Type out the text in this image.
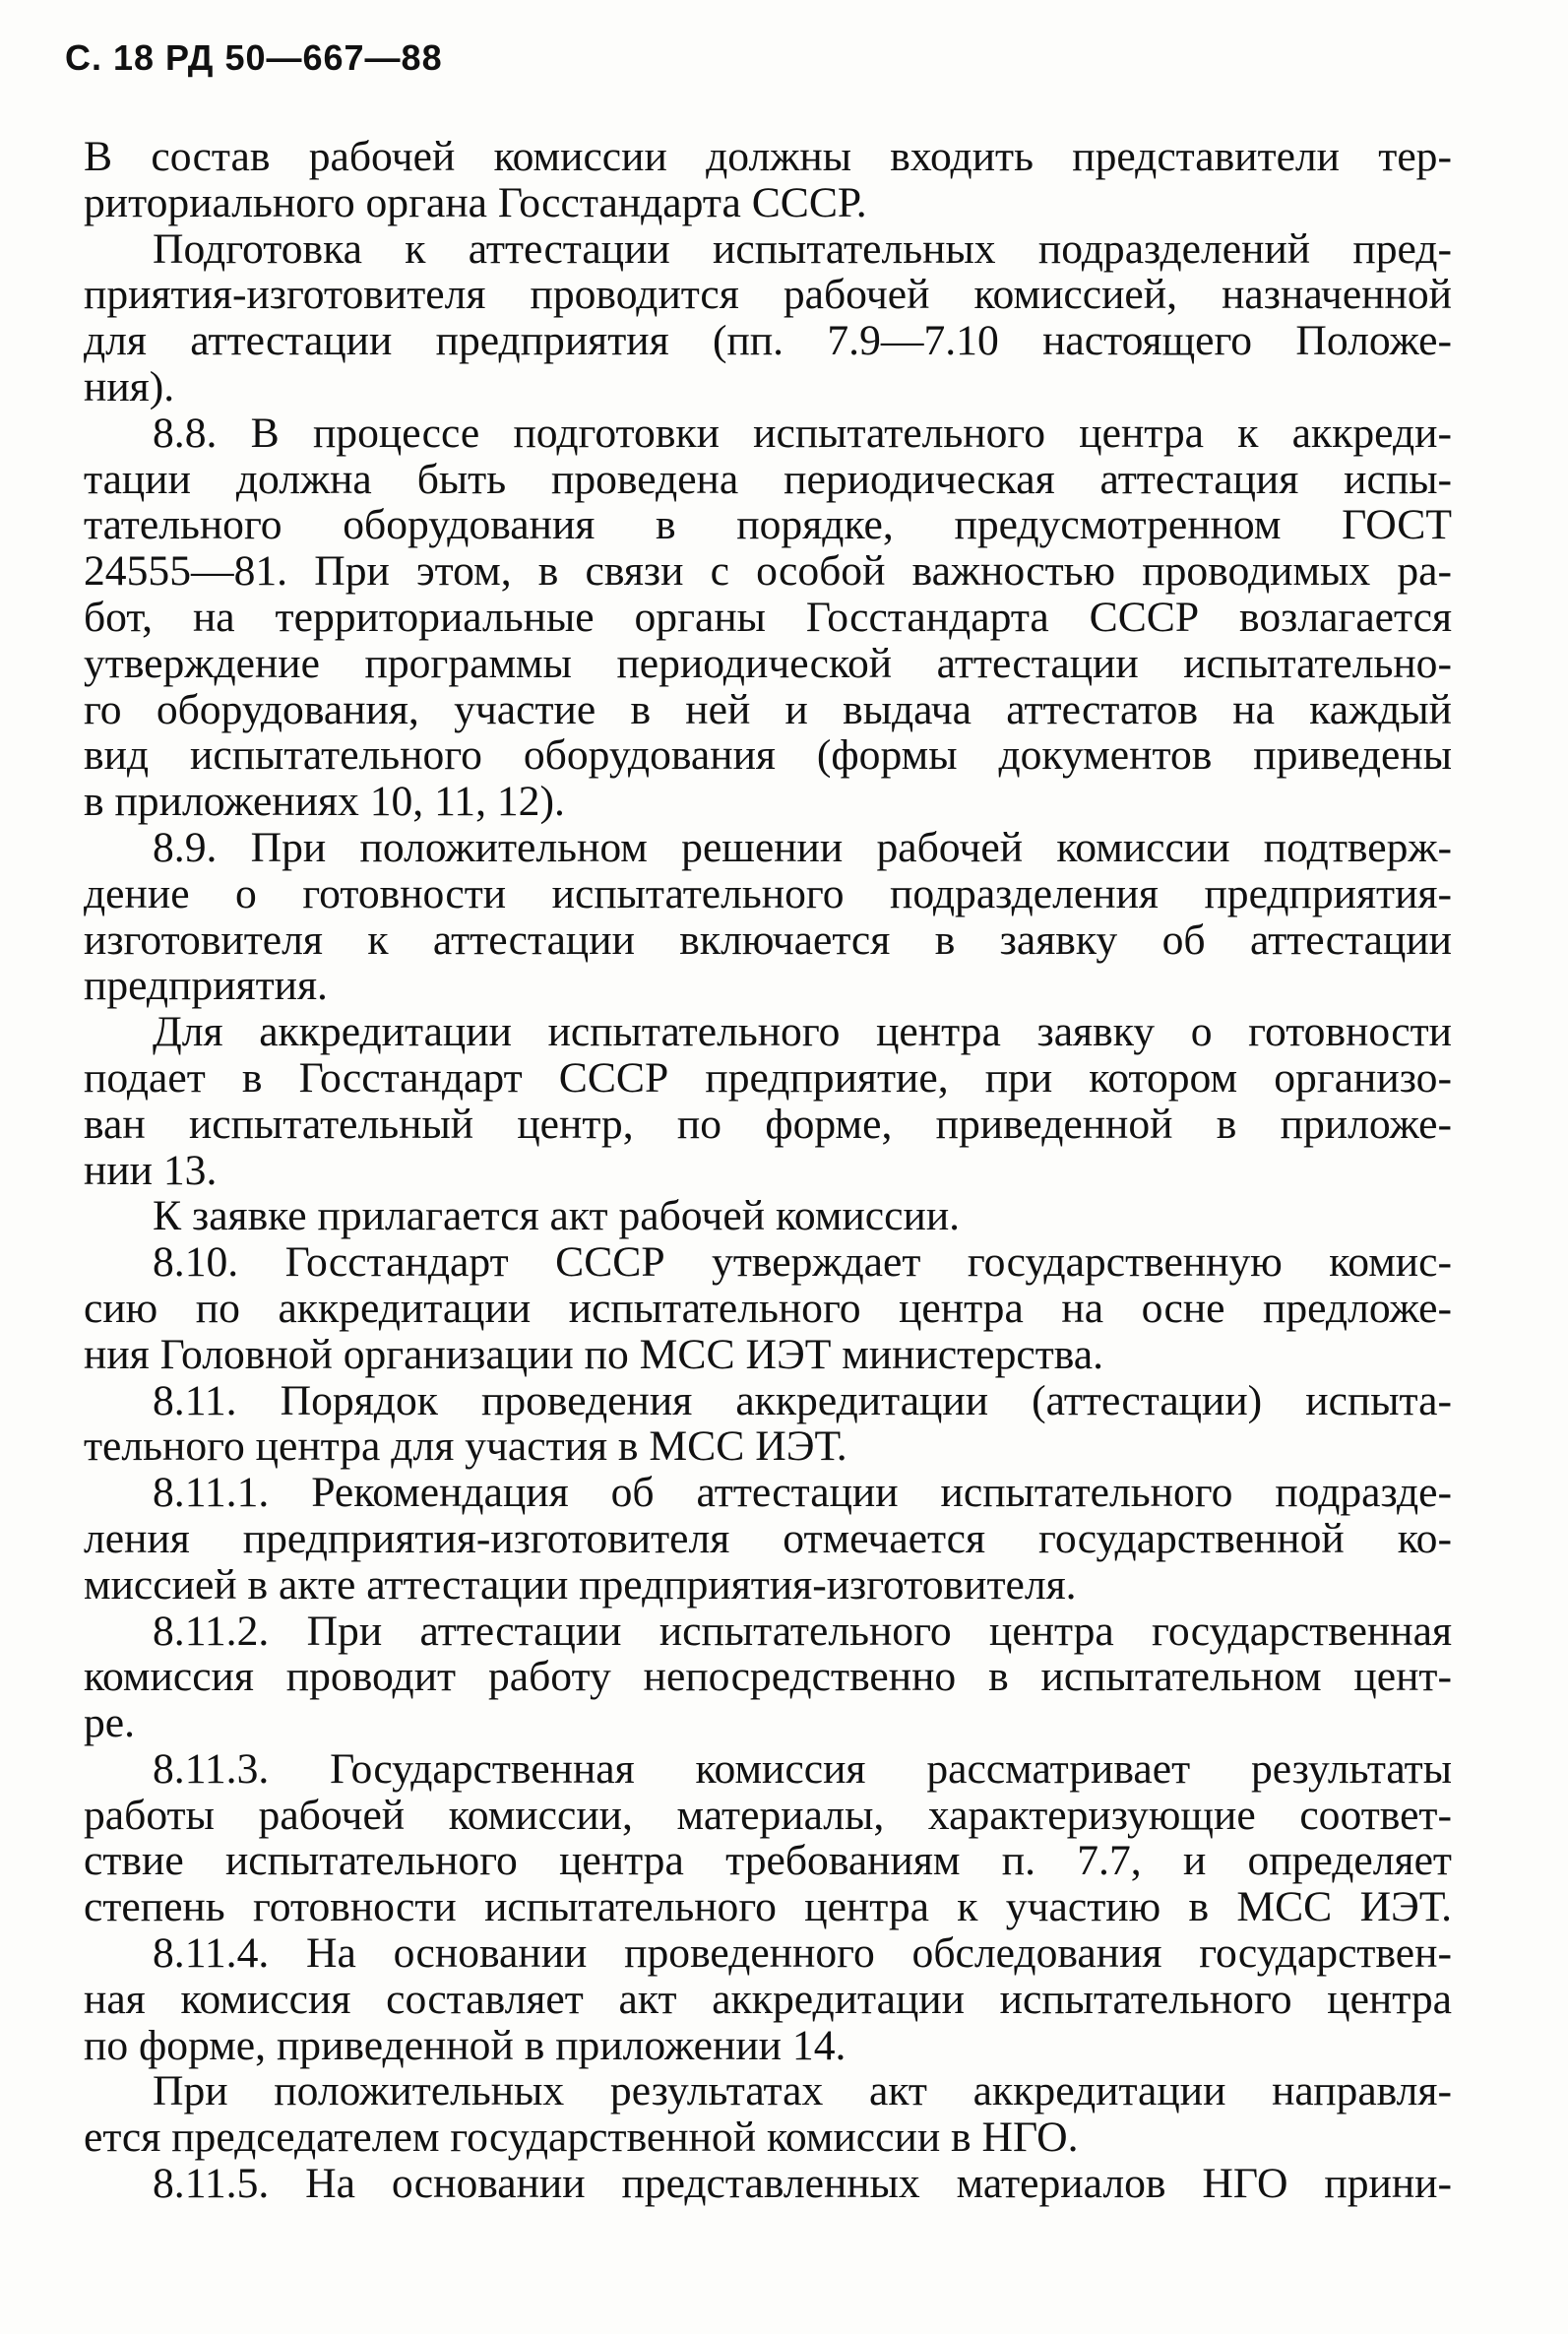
С. 18 РД 50—667—88
В состав рабочей комиссии должны входить представители тер-
риториального органа Госстандарта СССР.
Подготовка к аттестации испытательных подразделений пред-
приятия-изготовителя проводится рабочей комиссией, назначенной
для аттестации предприятия (пп. 7.9—7.10 настоящего Положе-
ния).
8.8. В процессе подготовки испытательного центра к аккреди-
тации должна быть проведена периодическая аттестация испы-
тательного оборудования в порядке, предусмотренном ГОСТ
24555—81. При этом, в связи с особой важностью проводимых ра-
бот, на территориальные органы Госстандарта СССР возлагается
утверждение программы периодической аттестации испытательно-
го оборудования, участие в ней и выдача аттестатов на каждый
вид испытательного оборудования (формы документов приведены
в приложениях 10, 11, 12).
8.9. При положительном решении рабочей комиссии подтверж-
дение о готовности испытательного подразделения предприятия-
изготовителя к аттестации включается в заявку об аттестации
предприятия.
Для аккредитации испытательного центра заявку о готовности
подает в Госстандарт СССР предприятие, при котором организо-
ван испытательный центр, по форме, приведенной в приложе-
нии 13.
К заявке прилагается акт рабочей комиссии.
8.10. Госстандарт СССР утверждает государственную комис-
сию по аккредитации испытательного центра на осне предложе-
ния Головной организации по МСС ИЭТ министерства.
8.11. Порядок проведения аккредитации (аттестации) испыта-
тельного центра для участия в МСС ИЭТ.
8.11.1. Рекомендация об аттестации испытательного подразде-
ления предприятия-изготовителя отмечается государственной ко-
миссией в акте аттестации предприятия-изготовителя.
8.11.2. При аттестации испытательного центра государственная
комиссия проводит работу непосредственно в испытательном цент-
ре.
8.11.3. Государственная комиссия рассматривает результаты
работы рабочей комиссии, материалы, характеризующие соответ-
ствие испытательного центра требованиям п. 7.7, и определяет
степень готовности испытательного центра к участию в МСС ИЭТ.
8.11.4. На основании проведенного обследования государствен-
ная комиссия составляет акт аккредитации испытательного центра
по форме, приведенной в приложении 14.
При положительных результатах акт аккредитации направля-
ется председателем государственной комиссии в НГО.
8.11.5. На основании представленных материалов НГО прини-
